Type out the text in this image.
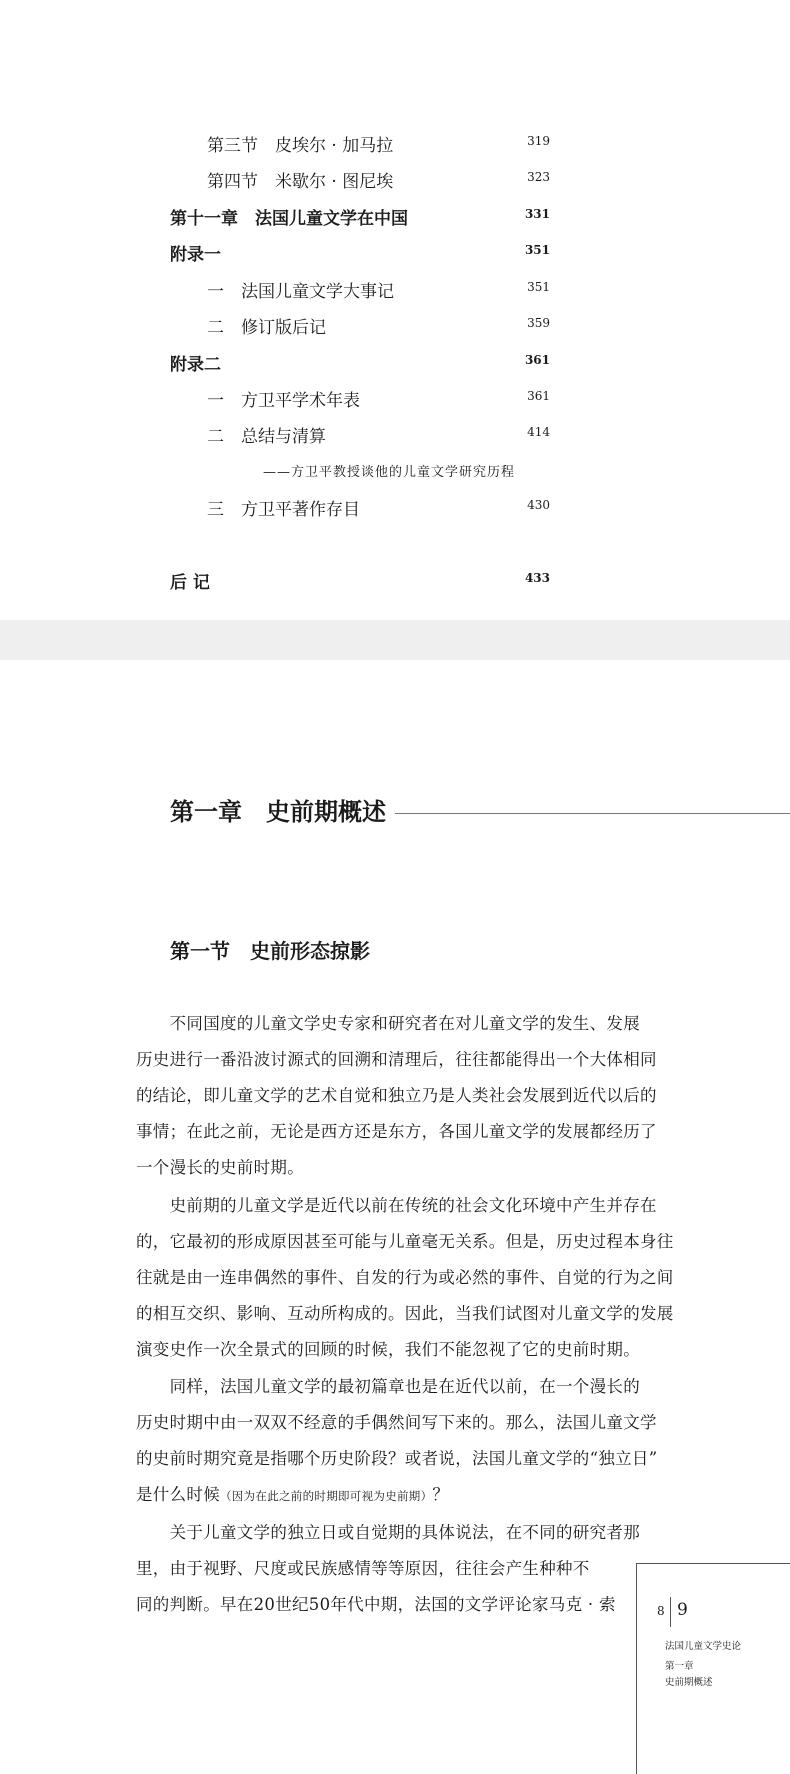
第三节　皮埃尔 · 加马拉	319
第四节　米歇尔 · 图尼埃	323
第十一章　法国儿童文学在中国	331
附录一	351
一　法国儿童文学大事记	351
二　修订版后记	359
附录二	361
一　方卫平学术年表	361
二　总结与清算	414
——方卫平教授谈他的儿童文学研究历程
三　方卫平著作存目	430
后 记	433
第一章　史前期概述
第一节　史前形态掠影
　　不同国度的儿童文学史专家和研究者在对儿童文学的发生、发展
历史进行一番沿波讨源式的回溯和清理后，往往都能得出一个大体相同
的结论，即儿童文学的艺术自觉和独立乃是人类社会发展到近代以后的
事情；在此之前，无论是西方还是东方，各国儿童文学的发展都经历了
一个漫长的史前时期。
　　史前期的儿童文学是近代以前在传统的社会文化环境中产生并存在
的，它最初的形成原因甚至可能与儿童毫无关系。但是，历史过程本身往
往就是由一连串偶然的事件、自发的行为或必然的事件、自觉的行为之间
的相互交织、影响、互动所构成的。因此，当我们试图对儿童文学的发展
演变史作一次全景式的回顾的时候，我们不能忽视了它的史前时期。
　　同样，法国儿童文学的最初篇章也是在近代以前，在一个漫长的
历史时期中由一双双不经意的手偶然间写下来的。那么，法国儿童文学
的史前时期究竟是指哪个历史阶段？或者说，法国儿童文学的“独立日”
是什么时候（因为在此之前的时期即可视为史前期）？
　　关于儿童文学的独立日或自觉期的具体说法，在不同的研究者那
里，由于视野、尺度或民族感情等等原因，往往会产生种种不
同的判断。早在20世纪50年代中期，法国的文学评论家马克 · 索	8 9
法国儿童文学史论
第一章
史前期概述
